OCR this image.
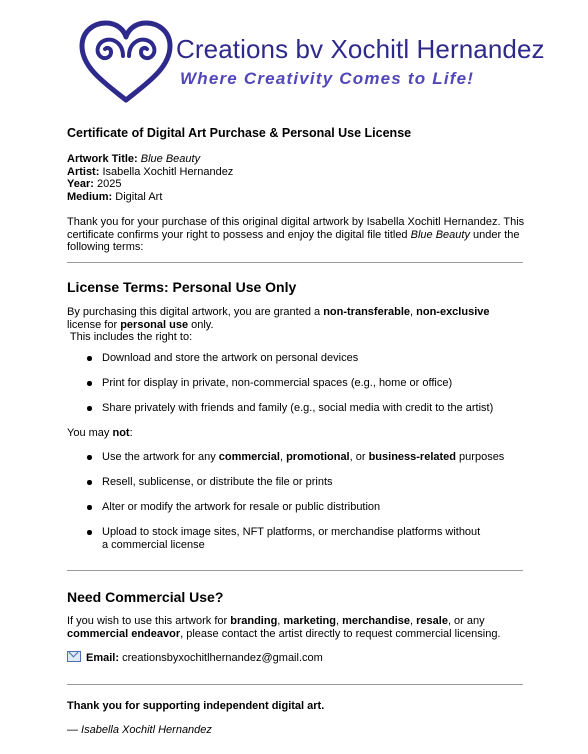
Creations bv Xochitl Hernandez
Where Creativity Comes to Life!
Certificate of Digital Art Purchase & Personal Use License
Artwork Title: Blue Beauty
Artist: Isabella Xochitl Hernandez
Year: 2025
Medium: Digital Art
Thank you for your purchase of this original digital artwork by Isabella Xochitl Hernandez. This certificate confirms your right to possess and enjoy the digital file titled Blue Beauty under the following terms:
License Terms: Personal Use Only
By purchasing this digital artwork, you are granted a non-transferable, non-exclusive license for personal use only.
This includes the right to:
Download and store the artwork on personal devices
Print for display in private, non-commercial spaces (e.g., home or office)
Share privately with friends and family (e.g., social media with credit to the artist)
You may not:
Use the artwork for any commercial, promotional, or business-related purposes
Resell, sublicense, or distribute the file or prints
Alter or modify the artwork for resale or public distribution
Upload to stock image sites, NFT platforms, or merchandise platforms without a commercial license
Need Commercial Use?
If you wish to use this artwork for branding, marketing, merchandise, resale, or any commercial endeavor, please contact the artist directly to request commercial licensing.
Email: creationsbyxochitlhernandez@gmail.com
Thank you for supporting independent digital art.
— Isabella Xochitl Hernandez
